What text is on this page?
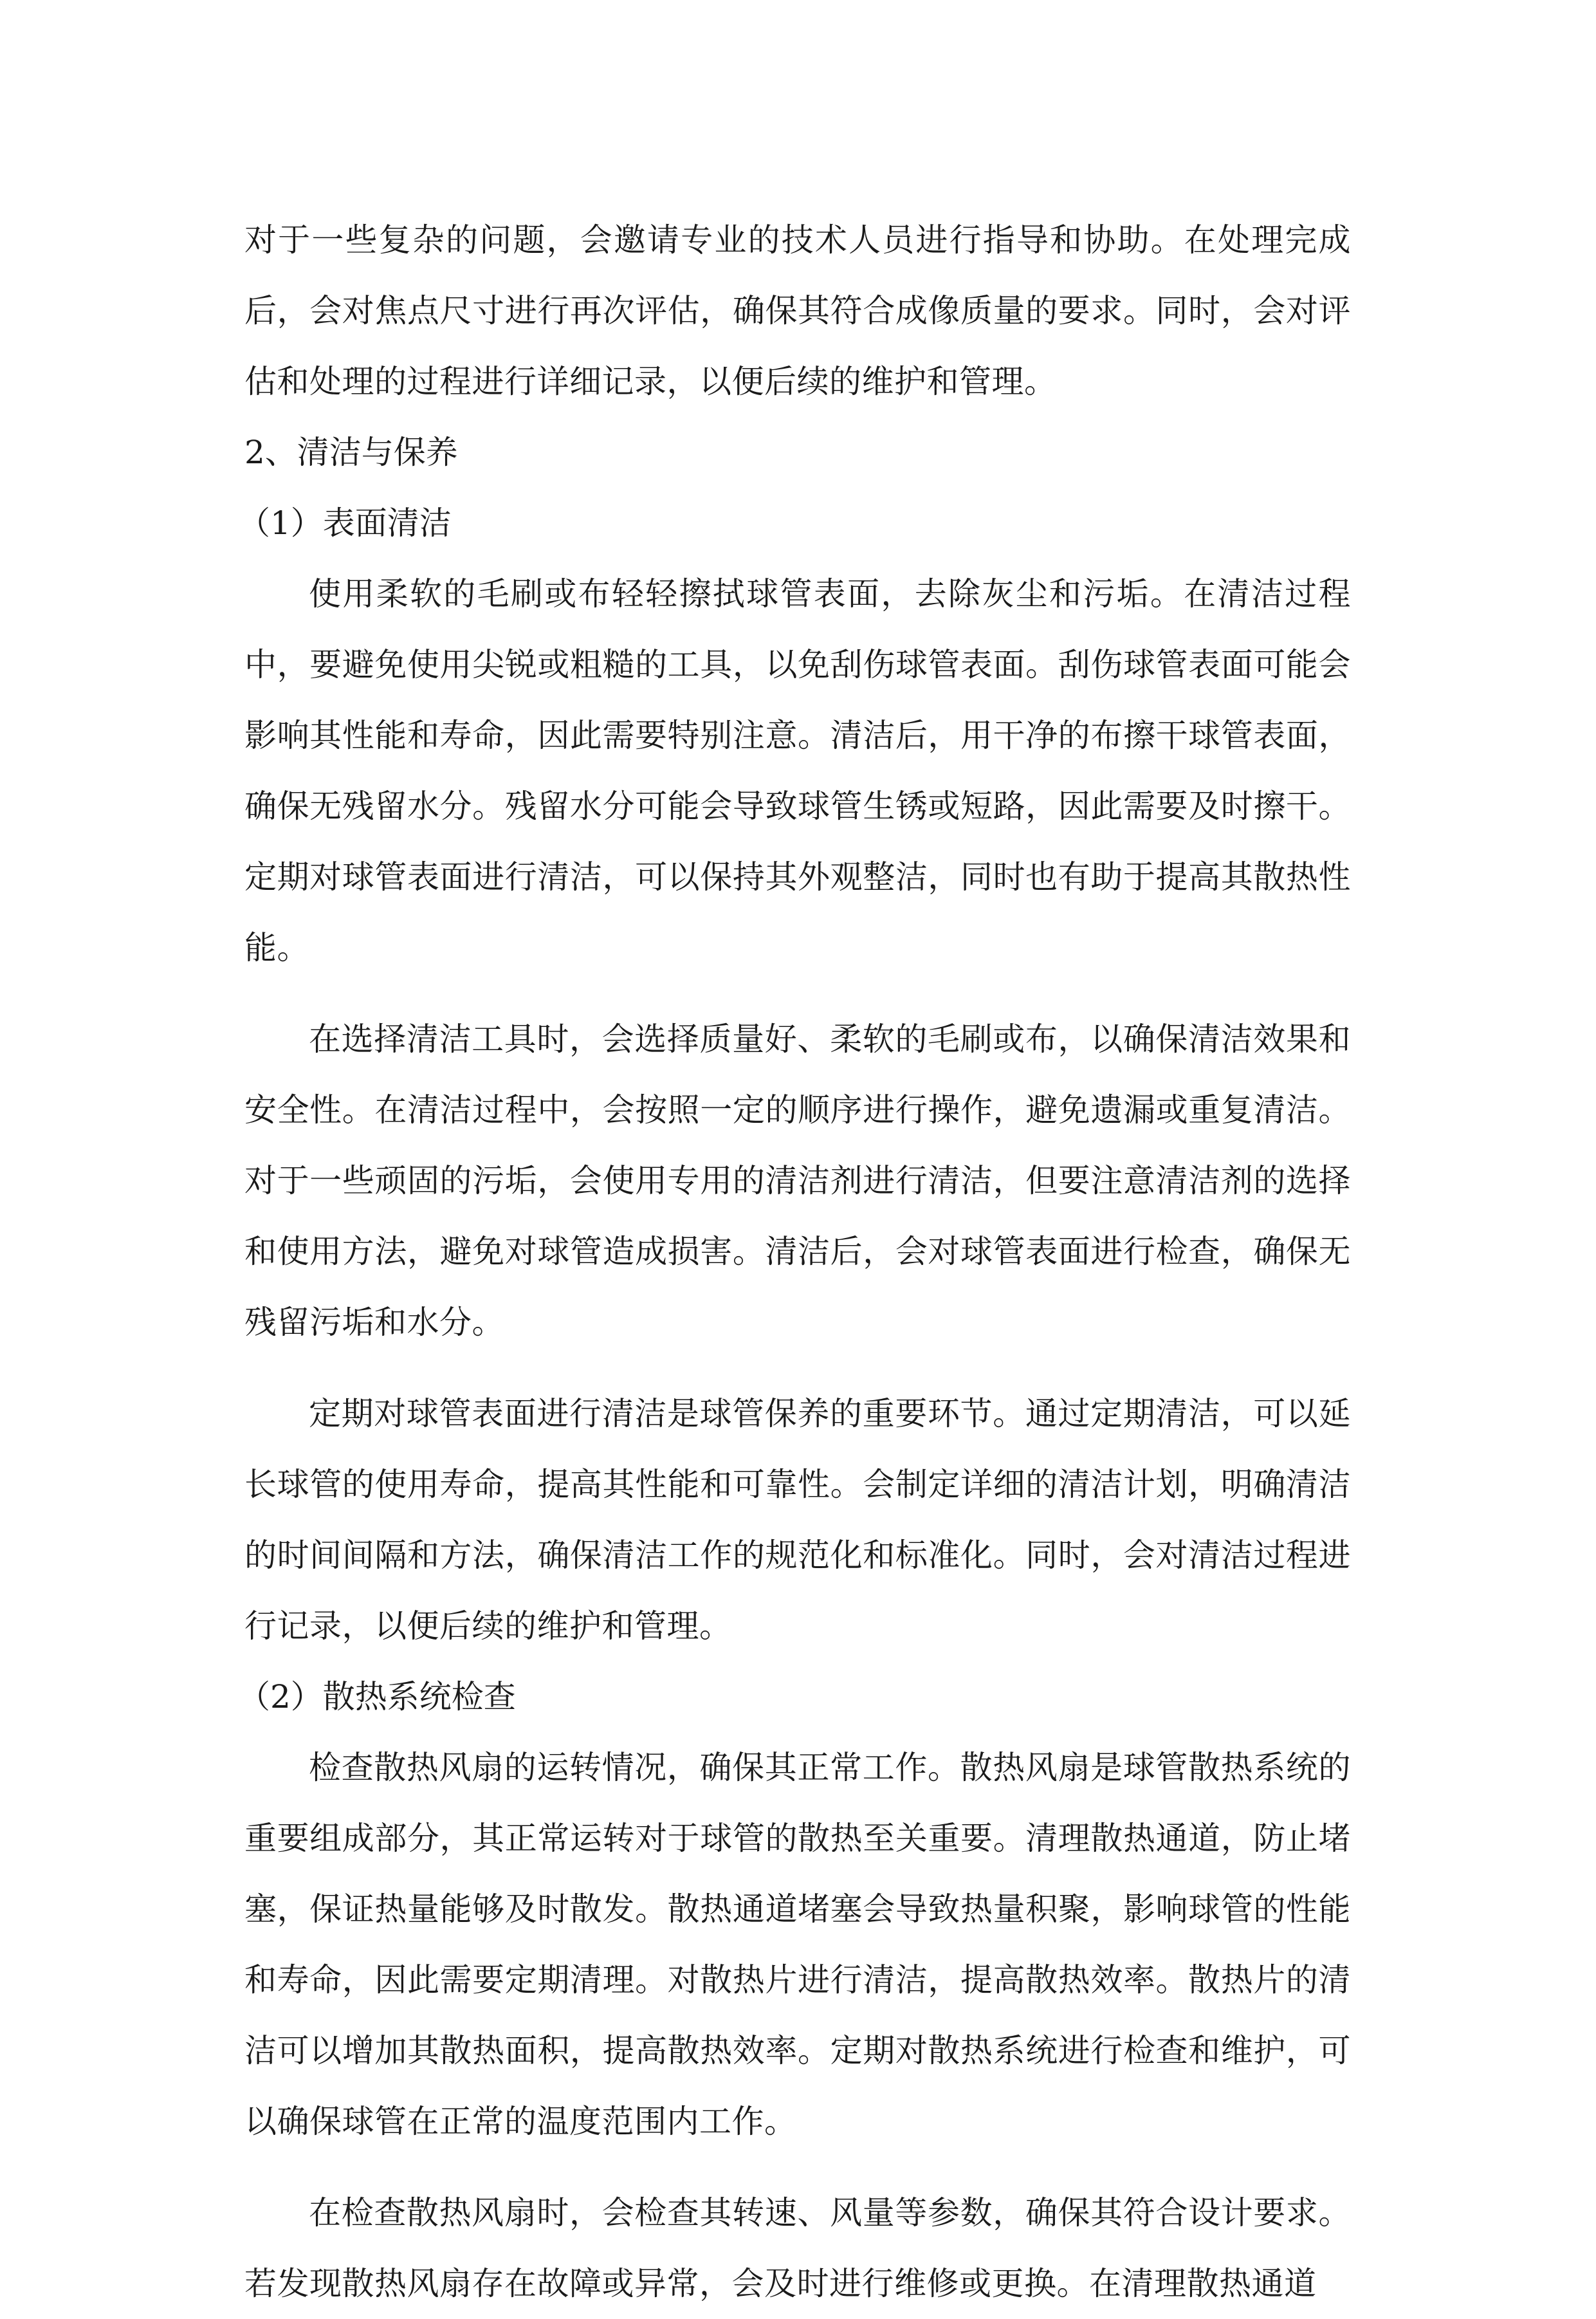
对于一些复杂的问题，会邀请专业的技术人员进行指导和协助。在处理完成后，会对焦点尺寸进行再次评估，确保其符合成像质量的要求。同时，会对评估和处理的过程进行详细记录，以便后续的维护和管理。

2、清洁与保养

（1）表面清洁

使用柔软的毛刷或布轻轻擦拭球管表面，去除灰尘和污垢。在清洁过程中，要避免使用尖锐或粗糙的工具，以免刮伤球管表面。刮伤球管表面可能会影响其性能和寿命，因此需要特别注意。清洁后，用干净的布擦干球管表面，确保无残留水分。残留水分可能会导致球管生锈或短路，因此需要及时擦干。定期对球管表面进行清洁，可以保持其外观整洁，同时也有助于提高其散热性能。

在选择清洁工具时，会选择质量好、柔软的毛刷或布，以确保清洁效果和安全性。在清洁过程中，会按照一定的顺序进行操作，避免遗漏或重复清洁。对于一些顽固的污垢，会使用专用的清洁剂进行清洁，但要注意清洁剂的选择和使用方法，避免对球管造成损害。清洁后，会对球管表面进行检查，确保无残留污垢和水分。

定期对球管表面进行清洁是球管保养的重要环节。通过定期清洁，可以延长球管的使用寿命，提高其性能和可靠性。会制定详细的清洁计划，明确清洁的时间间隔和方法，确保清洁工作的规范化和标准化。同时，会对清洁过程进行记录，以便后续的维护和管理。

（2）散热系统检查

检查散热风扇的运转情况，确保其正常工作。散热风扇是球管散热系统的重要组成部分，其正常运转对于球管的散热至关重要。清理散热通道，防止堵塞，保证热量能够及时散发。散热通道堵塞会导致热量积聚，影响球管的性能和寿命，因此需要定期清理。对散热片进行清洁，提高散热效率。散热片的清洁可以增加其散热面积，提高散热效率。定期对散热系统进行检查和维护，可以确保球管在正常的温度范围内工作。

在检查散热风扇时，会检查其转速、风量等参数，确保其符合设计要求。若发现散热风扇存在故障或异常，会及时进行维修或更换。在清理散热通道
